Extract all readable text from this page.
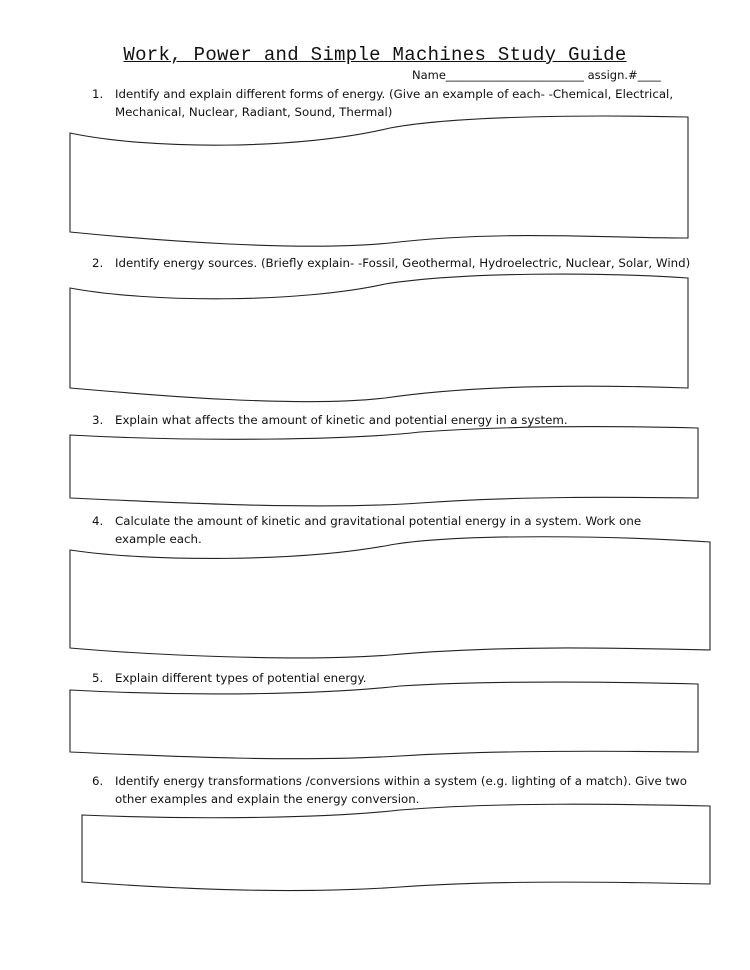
Work, Power and Simple Machines Study Guide
Name________________________ assign.#____
1. Identify and explain different forms of energy. (Give an example of each- -Chemical, Electrical, Mechanical, Nuclear, Radiant, Sound, Thermal)
2. Identify energy sources. (Briefly explain- -Fossil, Geothermal, Hydroelectric, Nuclear, Solar, Wind)
3. Explain what affects the amount of kinetic and potential energy in a system.
4. Calculate the amount of kinetic and gravitational potential energy in a system. Work one example each.
5. Explain different types of potential energy.
6. Identify energy transformations /conversions within a system (e.g. lighting of a match). Give two other examples and explain the energy conversion.
